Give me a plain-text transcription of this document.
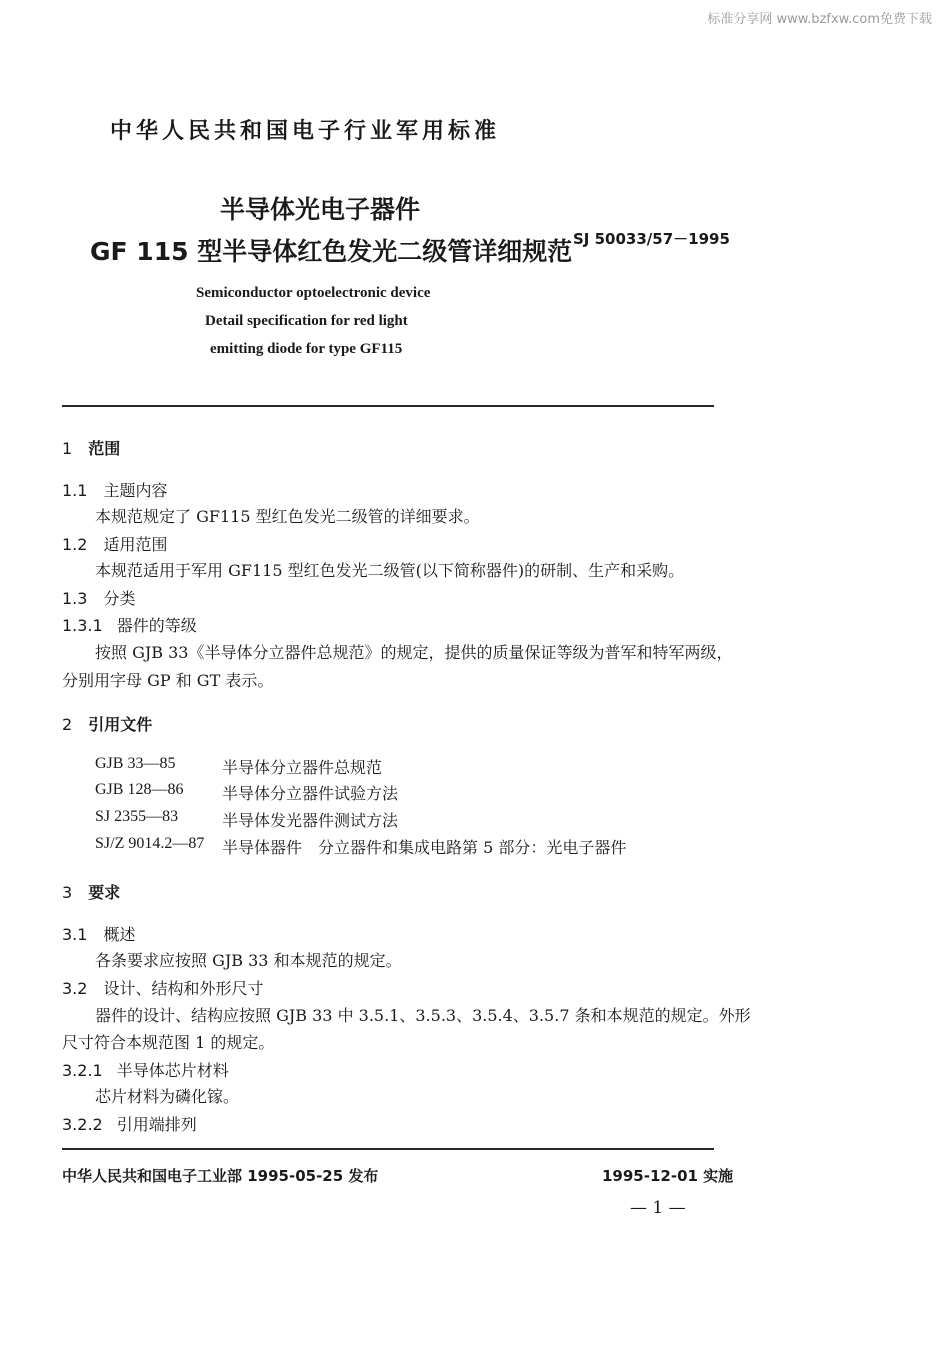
标准分享网 www.bzfxw.com免费下载
中华人民共和国电子行业军用标准
半导体光电子器件
GF 115 型半导体红色发光二级管详细规范 SJ 50033/57－1995
Semiconductor optoelectronic device
Detail specification for red light
emitting diode for type GF115
1 范围
1.1 主题内容
本规范规定了 GF115 型红色发光二级管的详细要求。
1.2 适用范围
本规范适用于军用 GF115 型红色发光二级管(以下简称器件)的研制、生产和采购。
1.3 分类
1.3.1 器件的等级
按照 GJB 33《半导体分立器件总规范》的规定，提供的质量保证等级为普军和特军两级，
分别用字母 GP 和 GT 表示。
2 引用文件
GJB 33—85	半导体分立器件总规范
GJB 128—86 半导体分立器件试验方法
SJ 2355—83	半导体发光器件测试方法
SJ/Z 9014.2—87 半导体器件　分立器件和集成电路第 5 部分：光电子器件
3 要求
3.1 概述
各条要求应按照 GJB 33 和本规范的规定。
3.2 设计、结构和外形尺寸
器件的设计、结构应按照 GJB 33 中 3.5.1、3.5.3、3.5.4、3.5.7 条和本规范的规定。外形
尺寸符合本规范图 1 的规定。
3.2.1 半导体芯片材料
芯片材料为磷化镓。
3.2.2 引用端排列
中华人民共和国电子工业部 1995-05-25 发布	1995-12-01 实施
— 1 —
